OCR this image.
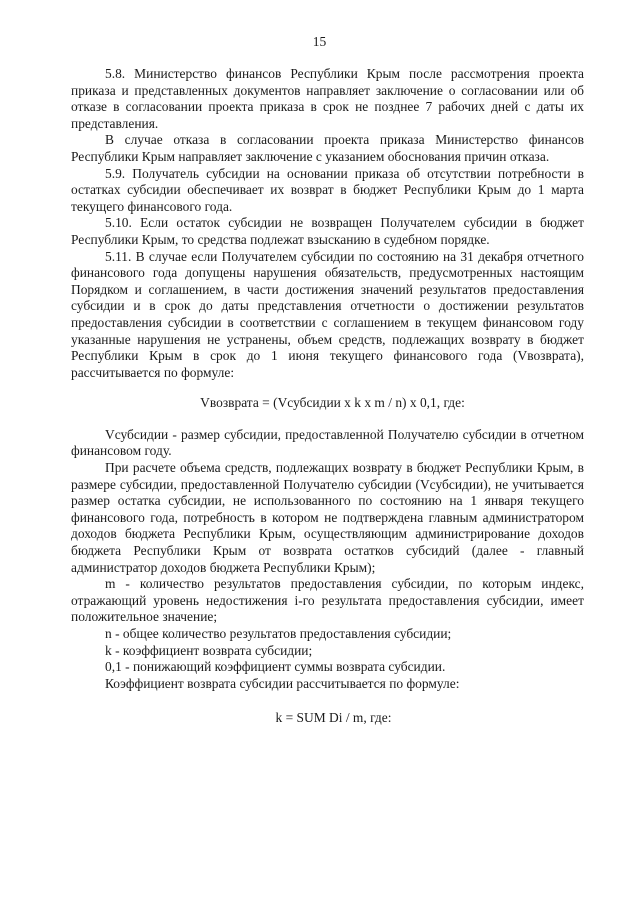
15

5.8. Министерство финансов Республики Крым после рассмотрения проекта приказа и представленных документов направляет заключение о согласовании или об отказе в согласовании проекта приказа в срок не позднее 7 рабочих дней с даты их представления.

В случае отказа в согласовании проекта приказа Министерство финансов Республики Крым направляет заключение с указанием обоснования причин отказа.

5.9. Получатель субсидии на основании приказа об отсутствии потребности в остатках субсидии обеспечивает их возврат в бюджет Республики Крым до 1 марта текущего финансового года.

5.10. Если остаток субсидии не возвращен Получателем субсидии в бюджет Республики Крым, то средства подлежат взысканию в судебном порядке.

5.11. В случае если Получателем субсидии по состоянию на 31 декабря отчетного финансового года допущены нарушения обязательств, предусмотренных настоящим Порядком и соглашением, в части достижения значений результатов предоставления субсидии и в срок до даты представления отчетности о достижении результатов предоставления субсидии в соответствии с соглашением в текущем финансовом году указанные нарушения не устранены, объем средств, подлежащих возврату в бюджет Республики Крым в срок до 1 июня текущего финансового года (Vвозврата), рассчитывается по формуле:

Vвозврата = (Vсубсидии x k x m / n) x 0,1, где:

Vсубсидии - размер субсидии, предоставленной Получателю субсидии в отчетном финансовом году.

При расчете объема средств, подлежащих возврату в бюджет Республики Крым, в размере субсидии, предоставленной Получателю субсидии (Vсубсидии), не учитывается размер остатка субсидии, не использованного по состоянию на 1 января текущего финансового года, потребность в котором не подтверждена главным администратором доходов бюджета Республики Крым, осуществляющим администрирование доходов бюджета Республики Крым от возврата остатков субсидий (далее - главный администратор доходов бюджета Республики Крым);

m - количество результатов предоставления субсидии, по которым индекс, отражающий уровень недостижения i-го результата предоставления субсидии, имеет положительное значение;

n - общее количество результатов предоставления субсидии;

k - коэффициент возврата субсидии;

0,1 - понижающий коэффициент суммы возврата субсидии.

Коэффициент возврата субсидии рассчитывается по формуле:

k = SUM Di / m, где:
